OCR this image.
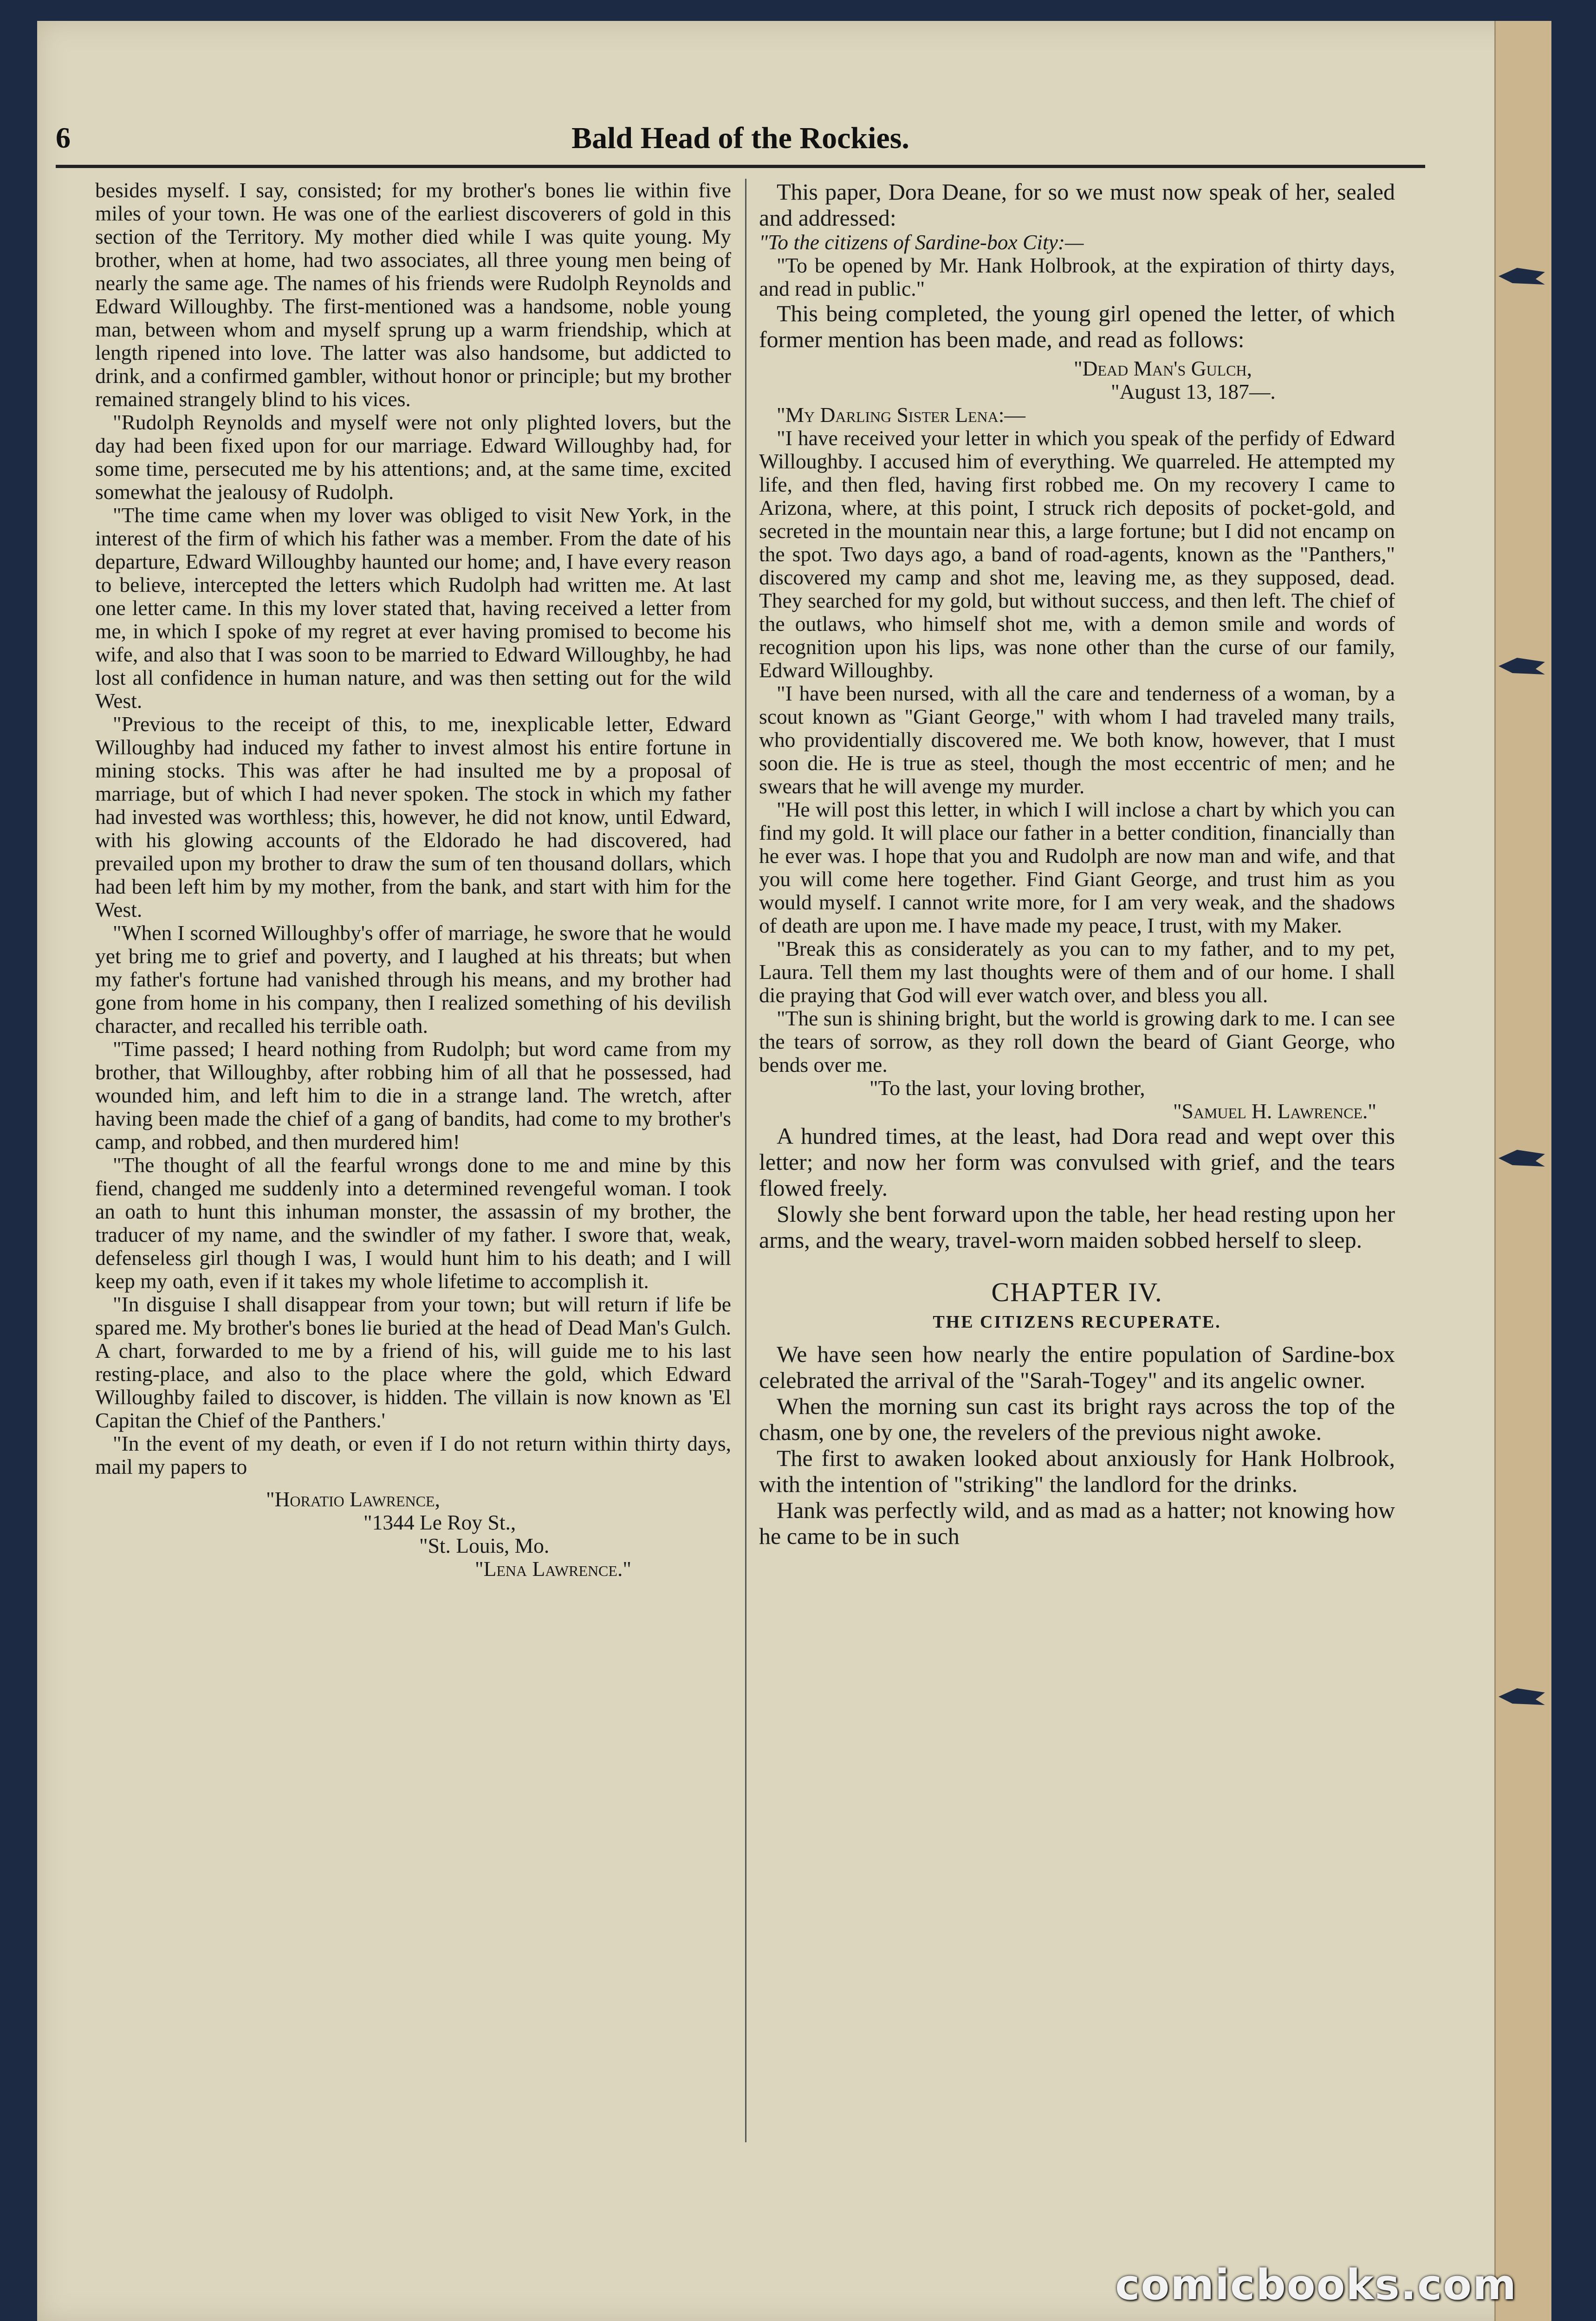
6	Bald Head of the Rockies.

besides myself. I say, consisted; for my brother's bones lie within five miles of your town. He was one of the earliest discoverers of gold in this section of the Territory. My mother died while I was quite young. My brother, when at home, had two associates, all three young men being of nearly the same age. The names of his friends were Rudolph Reynolds and Edward Willoughby. The first-mentioned was a handsome, noble young man, between whom and myself sprung up a warm friendship, which at length ripened into love. The latter was also handsome, but addicted to drink, and a confirmed gambler, without honor or principle; but my brother remained strangely blind to his vices.

"Rudolph Reynolds and myself were not only plighted lovers, but the day had been fixed upon for our marriage. Edward Willoughby had, for some time, persecuted me by his attentions; and, at the same time, excited somewhat the jealousy of Rudolph.

"The time came when my lover was obliged to visit New York, in the interest of the firm of which his father was a member. From the date of his departure, Edward Willoughby haunted our home; and, I have every reason to believe, intercepted the letters which Rudolph had written me. At last one letter came. In this my lover stated that, having received a letter from me, in which I spoke of my regret at ever having promised to become his wife, and also that I was soon to be married to Edward Willoughby, he had lost all confidence in human nature, and was then setting out for the wild West.

"Previous to the receipt of this, to me, inexplicable letter, Edward Willoughby had induced my father to invest almost his entire fortune in mining stocks. This was after he had insulted me by a proposal of marriage, but of which I had never spoken. The stock in which my father had invested was worthless; this, however, he did not know, until Edward, with his glowing accounts of the Eldorado he had discovered, had prevailed upon my brother to draw the sum of ten thousand dollars, which had been left him by my mother, from the bank, and start with him for the West.

"When I scorned Willoughby's offer of marriage, he swore that he would yet bring me to grief and poverty, and I laughed at his threats; but when my father's fortune had vanished through his means, and my brother had gone from home in his company, then I realized something of his devilish character, and recalled his terrible oath.

"Time passed; I heard nothing from Rudolph; but word came from my brother, that Willoughby, after robbing him of all that he possessed, had wounded him, and left him to die in a strange land. The wretch, after having been made the chief of a gang of bandits, had come to my brother's camp, and robbed, and then murdered him!

"The thought of all the fearful wrongs done to me and mine by this fiend, changed me suddenly into a determined revengeful woman. I took an oath to hunt this inhuman monster, the assassin of my brother, the traducer of my name, and the swindler of my father. I swore that, weak, defenseless girl though I was, I would hunt him to his death; and I will keep my oath, even if it takes my whole lifetime to accomplish it.

"In disguise I shall disappear from your town; but will return if life be spared me. My brother's bones lie buried at the head of Dead Man's Gulch. A chart, forwarded to me by a friend of his, will guide me to his last resting-place, and also to the place where the gold, which Edward Willoughby failed to discover, is hidden. The villain is now known as 'El Capitan the Chief of the Panthers.'

"In the event of my death, or even if I do not return within thirty days, mail my papers to

"Horatio Lawrence,

"1344 Le Roy St.,

"St. Louis, Mo.

"Lena Lawrence."

This paper, Dora Deane, for so we must now speak of her, sealed and addressed:

"To the citizens of Sardine-box City:—

"To be opened by Mr. Hank Holbrook, at the expiration of thirty days, and read in public."

This being completed, the young girl opened the letter, of which former mention has been made, and read as follows:

"Dead Man's Gulch,

"August 13, 187—.

"My Darling Sister Lena:—

"I have received your letter in which you speak of the perfidy of Edward Willoughby. I accused him of everything. We quarreled. He attempted my life, and then fled, having first robbed me. On my recovery I came to Arizona, where, at this point, I struck rich deposits of pocket-gold, and secreted in the mountain near this, a large fortune; but I did not encamp on the spot. Two days ago, a band of road-agents, known as the "Panthers," discovered my camp and shot me, leaving me, as they supposed, dead. They searched for my gold, but without success, and then left. The chief of the outlaws, who himself shot me, with a demon smile and words of recognition upon his lips, was none other than the curse of our family, Edward Willoughby.

"I have been nursed, with all the care and tenderness of a woman, by a scout known as "Giant George," with whom I had traveled many trails, who providentially discovered me. We both know, however, that I must soon die. He is true as steel, though the most eccentric of men; and he swears that he will avenge my murder.

"He will post this letter, in which I will inclose a chart by which you can find my gold. It will place our father in a better condition, financially than he ever was. I hope that you and Rudolph are now man and wife, and that you will come here together. Find Giant George, and trust him as you would myself. I cannot write more, for I am very weak, and the shadows of death are upon me. I have made my peace, I trust, with my Maker.

"Break this as considerately as you can to my father, and to my pet, Laura. Tell them my last thoughts were of them and of our home. I shall die praying that God will ever watch over, and bless you all.

"The sun is shining bright, but the world is growing dark to me. I can see the tears of sorrow, as they roll down the beard of Giant George, who bends over me.

"To the last, your loving brother,

"Samuel H. Lawrence."

A hundred times, at the least, had Dora read and wept over this letter; and now her form was convulsed with grief, and the tears flowed freely.

Slowly she bent forward upon the table, her head resting upon her arms, and the weary, travel-worn maiden sobbed herself to sleep.

CHAPTER IV.
THE CITIZENS RECUPERATE.

We have seen how nearly the entire population of Sardine-box celebrated the arrival of the "Sarah-Togey" and its angelic owner.

When the morning sun cast its bright rays across the top of the chasm, one by one, the revelers of the previous night awoke.

The first to awaken looked about anxiously for Hank Holbrook, with the intention of "striking" the landlord for the drinks.

Hank was perfectly wild, and as mad as a hatter; not knowing how he came to be in such

comicbooks.com
